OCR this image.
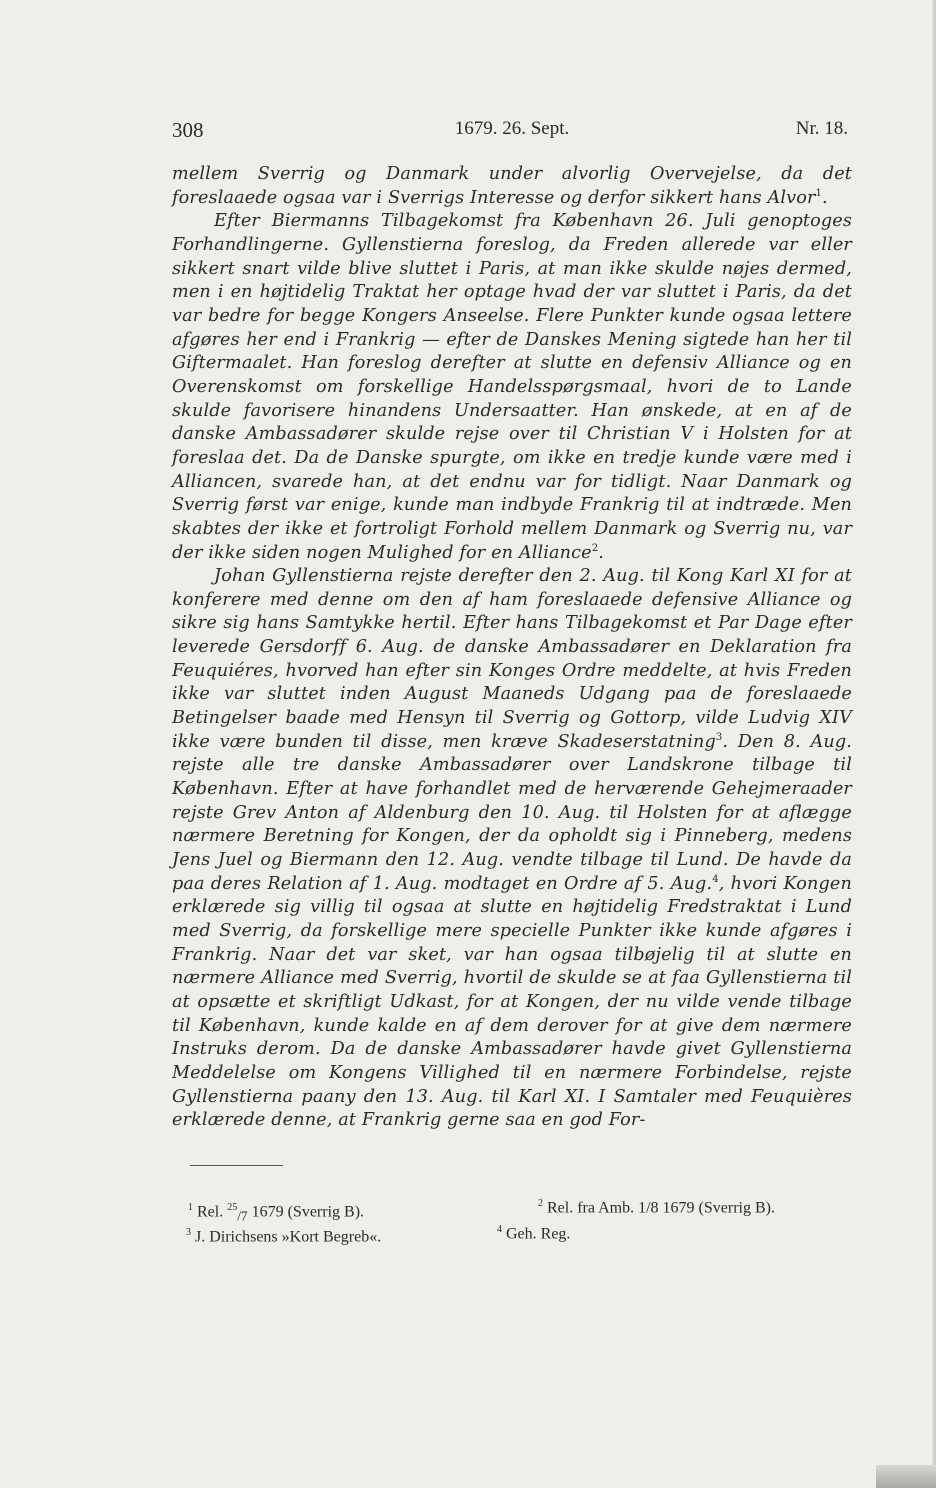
308	1679. 26. Sept.	Nr. 18.

mellem Sverrig og Danmark under alvorlig Overvejelse, da det foreslaaede ogsaa var i Sverrigs Interesse og derfor sikkert hans Alvor$^1$.

Efter Biermanns Tilbagekomst fra København 26. Juli genoptoges Forhandlingerne. Gyllenstierna foreslog, da Freden allerede var eller sikkert snart vilde blive sluttet i Paris, at man ikke skulde nøjes dermed, men i en højtidelig Traktat her optage hvad der var sluttet i Paris, da det var bedre for begge Kongers Anseelse. Flere Punkter kunde ogsaa lettere afgøres her end i Frankrig — efter de Danskes Mening sigtede han her til Giftermaalet. Han foreslog derefter at slutte en defensiv Alliance og en Overenskomst om forskellige Handelsspørgsmaal, hvori de to Lande skulde favorisere hinandens Undersaatter. Han ønskede, at en af de danske Ambassadører skulde rejse over til Christian V i Holsten for at foreslaa det. Da de Danske spurgte, om ikke en tredje kunde være med i Alliancen, svarede han, at det endnu var for tidligt. Naar Danmark og Sverrig først var enige, kunde man indbyde Frankrig til at indtræde. Men skabtes der ikke et fortroligt Forhold mellem Danmark og Sverrig nu, var der ikke siden nogen Mulighed for en Alliance$^2$.

Johan Gyllenstierna rejste derefter den 2. Aug. til Kong Karl XI for at konferere med denne om den af ham foreslaaede defensive Alliance og sikre sig hans Samtykke hertil. Efter hans Tilbagekomst et Par Dage efter leverede Gersdorff 6. Aug. de danske Ambassadører en Deklaration fra Feuquiéres, hvorved han efter sin Konges Ordre meddelte, at hvis Freden ikke var sluttet inden August Maaneds Udgang paa de foreslaaede Betingelser baade med Hensyn til Sverrig og Gottorp, vilde Ludvig XIV ikke være bunden til disse, men kræve Skadeserstatning$^3$. Den 8. Aug. rejste alle tre danske Ambassadører over Landskrone tilbage til København. Efter at have forhandlet med de herværende Gehejmeraader rejste Grev Anton af Aldenburg den 10. Aug. til Holsten for at aflægge nærmere Beretning for Kongen, der da opholdt sig i Pinneberg, medens Jens Juel og Biermann den 12. Aug. vendte tilbage til Lund. De havde da paa deres Relation af 1. Aug. modtaget en Ordre af 5. Aug.$^4$, hvori Kongen erklærede sig villig til ogsaa at slutte en højtidelig Fredstraktat i Lund med Sverrig, da forskellige mere specielle Punkter ikke kunde afgøres i Frankrig. Naar det var sket, var han ogsaa tilbøjelig til at slutte en nærmere Alliance med Sverrig, hvortil de skulde se at faa Gyllenstierna til at opsætte et skriftligt Udkast, for at Kongen, der nu vilde vende tilbage til København, kunde kalde en af dem derover for at give dem nærmere Instruks derom. Da de danske Ambassadører havde givet Gyllenstierna Meddelelse om Kongens Villighed til en nærmere Forbindelse, rejste Gyllenstierna paany den 13. Aug. til Karl XI. I Samtaler med Feuquières erklærede denne, at Frankrig gerne saa en god For-

$^1$ Rel. $^{25}_{/7}$ 1679 (Sverrig B).	$^2$ Rel. fra Amb. 1/8 1679 (Sverrig B).
$^3$ J. Dirichsens »Kort Begreb«.	$^4$ Geh. Reg.
